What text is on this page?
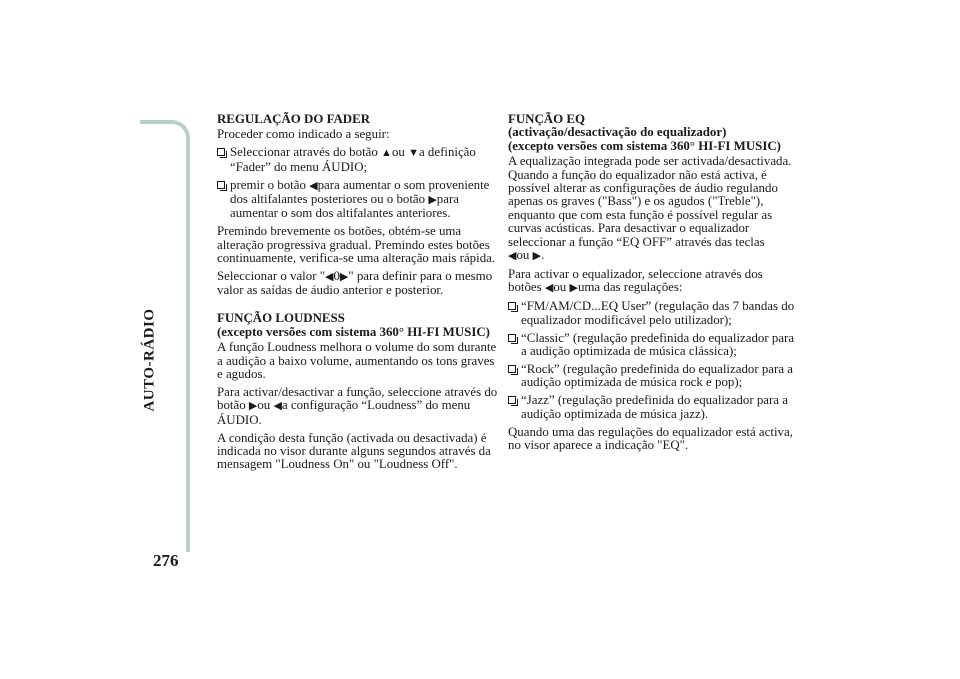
AUTO-RÁDIO
276

REGULAÇÃO DO FADER

Proceder como indicado a seguir:

Seleccionar através do botão ▲ou ▼a definição “Fader” do menu ÁUDIO;
premir o botão ◀para aumentar o som proveniente dos altifalantes posteriores ou o botão ▶para aumentar o som dos altifalantes anteriores.

Premindo brevemente os botões, obtém-se uma alteração progressiva gradual. Premindo estes botões continuamente, verifica-se uma alteração mais rápida.

Seleccionar o valor "◀0▶" para definir para o mesmo valor as saídas de áudio anterior e posterior.

FUNÇÃO LOUDNESS

(excepto versões com sistema 360° HI-FI MUSIC)

A função Loudness melhora o volume do som durante a audição a baixo volume, aumentando os tons graves e agudos.

Para activar/desactivar a função, seleccione através do botão ▶ou ◀a configuração “Loudness” do menu ÁUDIO.

A condição desta função (activada ou desactivada) é indicada no visor durante alguns segundos através da mensagem "Loudness On" ou "Loudness Off".

FUNÇÃO EQ

(activação/desactivação do equalizador)

(excepto versões com sistema 360° HI-FI MUSIC)

A equalização integrada pode ser activada/desactivada. Quando a função do equalizador não está activa, é possível alterar as configurações de áudio regulando apenas os graves ("Bass") e os agudos ("Treble"), enquanto que com esta função é possível regular as curvas acústicas. Para desactivar o equalizador seleccionar a função “EQ OFF” através das teclas
◀ou ▶.

Para activar o equalizador, seleccione através dos botões ◀ou ▶uma das regulações:

“FM/AM/CD...EQ User” (regulação das 7 bandas do equalizador modificável pelo utilizador);
“Classic” (regulação predefinida do equalizador para a audição optimizada de música clássica);
“Rock” (regulação predefinida do equalizador para a audição optimizada de música rock e pop);
“Jazz” (regulação predefinida do equalizador para a audição optimizada de música jazz).

Quando uma das regulações do equalizador está activa, no visor aparece a indicação "EQ".
